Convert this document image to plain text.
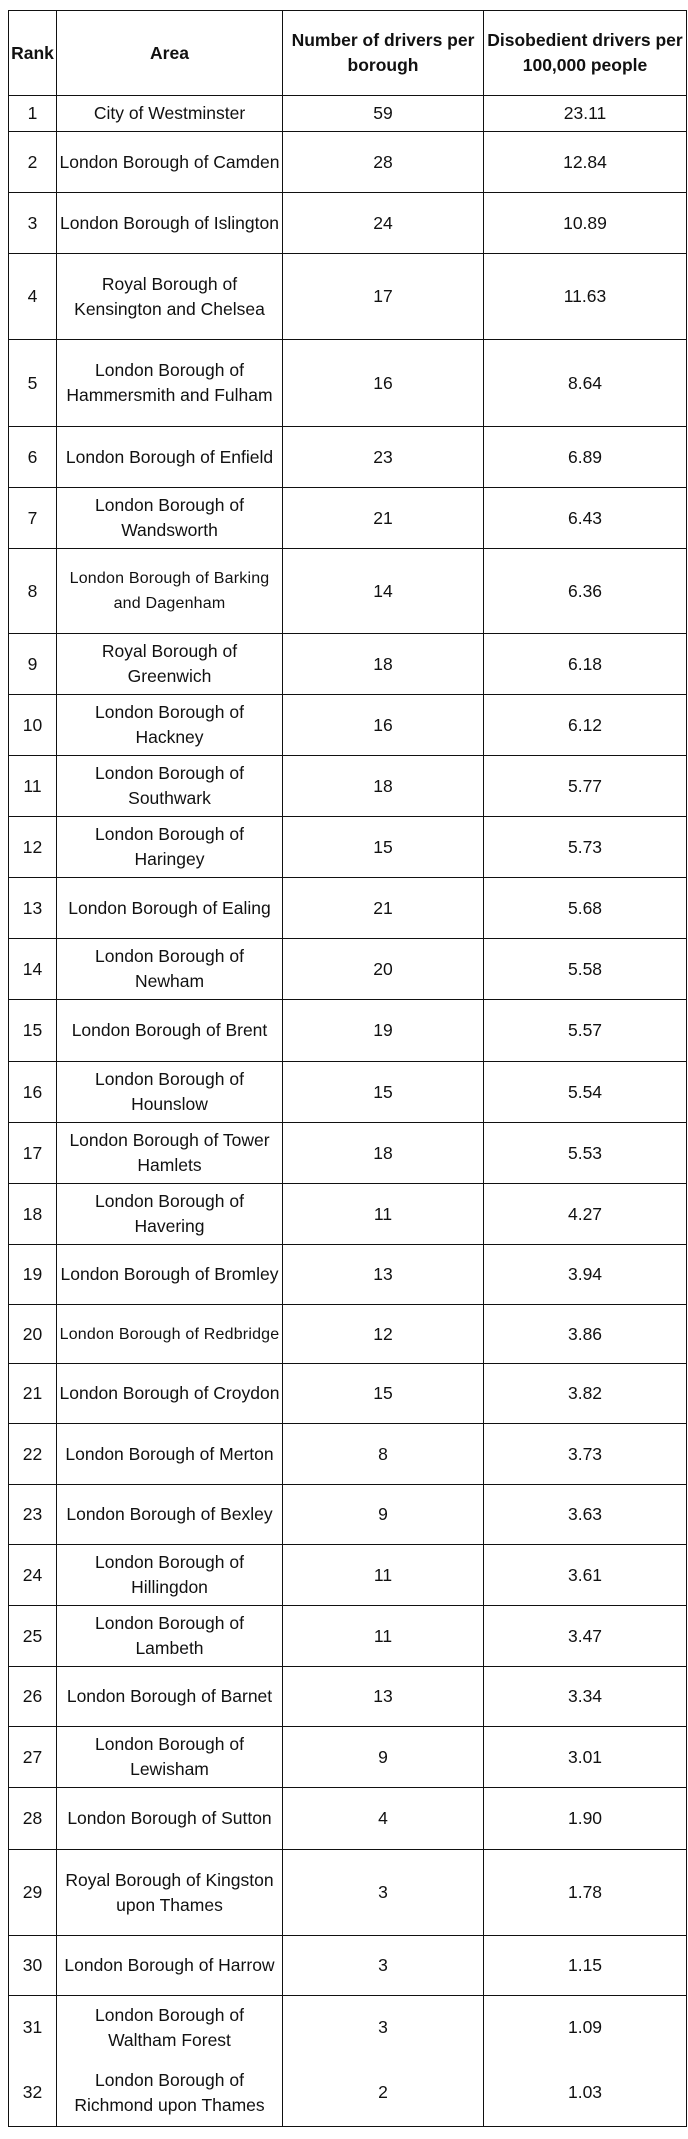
Rank	Area	Number of drivers per borough	Disobedient drivers per 100,000 people
1	City of Westminster	59	23.11
2	London Borough of Camden	28	12.84
3	London Borough of Islington	24	10.89
4	Royal Borough of Kensington and Chelsea	17	11.63
5	London Borough of Hammersmith and Fulham	16	8.64
6	London Borough of Enfield	23	6.89
7	London Borough of Wandsworth	21	6.43
8	London Borough of Barking and Dagenham	14	6.36
9	Royal Borough of Greenwich	18	6.18
10	London Borough of Hackney	16	6.12
11	London Borough of Southwark	18	5.77
12	London Borough of Haringey	15	5.73
13	London Borough of Ealing	21	5.68
14	London Borough of Newham	20	5.58
15	London Borough of Brent	19	5.57
16	London Borough of Hounslow	15	5.54
17	London Borough of Tower Hamlets	18	5.53
18	London Borough of Havering	11	4.27
19	London Borough of Bromley	13	3.94
20	London Borough of Redbridge	12	3.86
21	London Borough of Croydon	15	3.82
22	London Borough of Merton	8	3.73
23	London Borough of Bexley	9	3.63
24	London Borough of Hillingdon	11	3.61
25	London Borough of Lambeth	11	3.47
26	London Borough of Barnet	13	3.34
27	London Borough of Lewisham	9	3.01
28	London Borough of Sutton	4	1.90
29	Royal Borough of Kingston upon Thames	3	1.78
30	London Borough of Harrow	3	1.15
31	London Borough of Waltham Forest	3	1.09
32	London Borough of Richmond upon Thames	2	1.03
